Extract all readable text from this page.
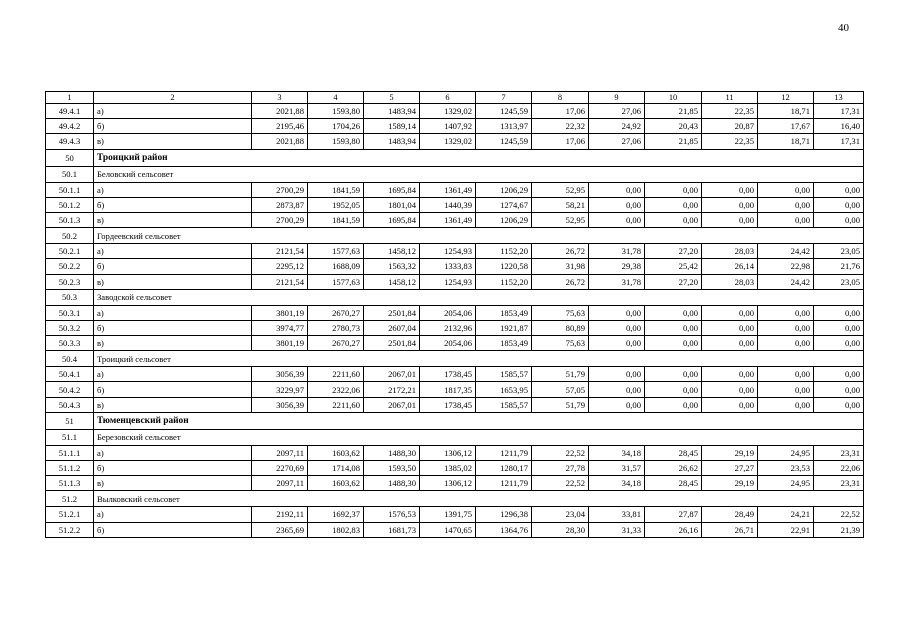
40
1	2	3	4	5	6	7	8	9	10	11	12	13
49.4.1	а)	2021,88	1593,80	1483,94	1329,02	1245,59	17,06	27,06	21,85	22,35	18,71	17,31
49.4.2	б)	2195,46	1704,26	1589,14	1407,92	1313,97	22,32	24,92	20,43	20,87	17,67	16,40
49.4.3	в)	2021,88	1593,80	1483,94	1329,02	1245,59	17,06	27,06	21,85	22,35	18,71	17,31
50	Троицкий район											
50.1	Беловский сельсовет											
50.1.1	а)	2700,29	1841,59	1695,84	1361,49	1206,29	52,95	0,00	0,00	0,00	0,00	0,00
50.1.2	б)	2873,87	1952,05	1801,04	1440,39	1274,67	58,21	0,00	0,00	0,00	0,00	0,00
50.1.3	в)	2700,29	1841,59	1695,84	1361,49	1206,29	52,95	0,00	0,00	0,00	0,00	0,00
50.2	Гордеевский сельсовет											
50.2.1	а)	2121,54	1577,63	1458,12	1254,93	1152,20	26,72	31,78	27,20	28,03	24,42	23,05
50.2.2	б)	2295,12	1688,09	1563,32	1333,83	1220,58	31,98	29,38	25,42	26,14	22,98	21,76
50.2.3	в)	2121,54	1577,63	1458,12	1254,93	1152,20	26,72	31,78	27,20	28,03	24,42	23,05
50.3	Заводской сельсовет											
50.3.1	а)	3801,19	2670,27	2501,84	2054,06	1853,49	75,63	0,00	0,00	0,00	0,00	0,00
50.3.2	б)	3974,77	2780,73	2607,04	2132,96	1921,87	80,89	0,00	0,00	0,00	0,00	0,00
50.3.3	в)	3801,19	2670,27	2501,84	2054,06	1853,49	75,63	0,00	0,00	0,00	0,00	0,00
50.4	Троицкий сельсовет											
50.4.1	а)	3056,39	2211,60	2067,01	1738,45	1585,57	51,79	0,00	0,00	0,00	0,00	0,00
50.4.2	б)	3229,97	2322,06	2172,21	1817,35	1653,95	57,05	0,00	0,00	0,00	0,00	0,00
50.4.3	в)	3056,39	2211,60	2067,01	1738,45	1585,57	51,79	0,00	0,00	0,00	0,00	0,00
51	Тюменцевский район											
51.1	Березовский сельсовет											
51.1.1	а)	2097,11	1603,62	1488,30	1306,12	1211,79	22,52	34,18	28,45	29,19	24,95	23,31
51.1.2	б)	2270,69	1714,08	1593,50	1385,02	1280,17	27,78	31,57	26,62	27,27	23,53	22,06
51.1.3	в)	2097,11	1603,62	1488,30	1306,12	1211,79	22,52	34,18	28,45	29,19	24,95	23,31
51.2	Вылковский сельсовет											
51.2.1	а)	2192,11	1692,37	1576,53	1391,75	1296,38	23,04	33,81	27,87	28,49	24,21	22,52
51.2.2	б)	2365,69	1802,83	1681,73	1470,65	1364,76	28,30	31,33	26,16	26,71	22,91	21,39
